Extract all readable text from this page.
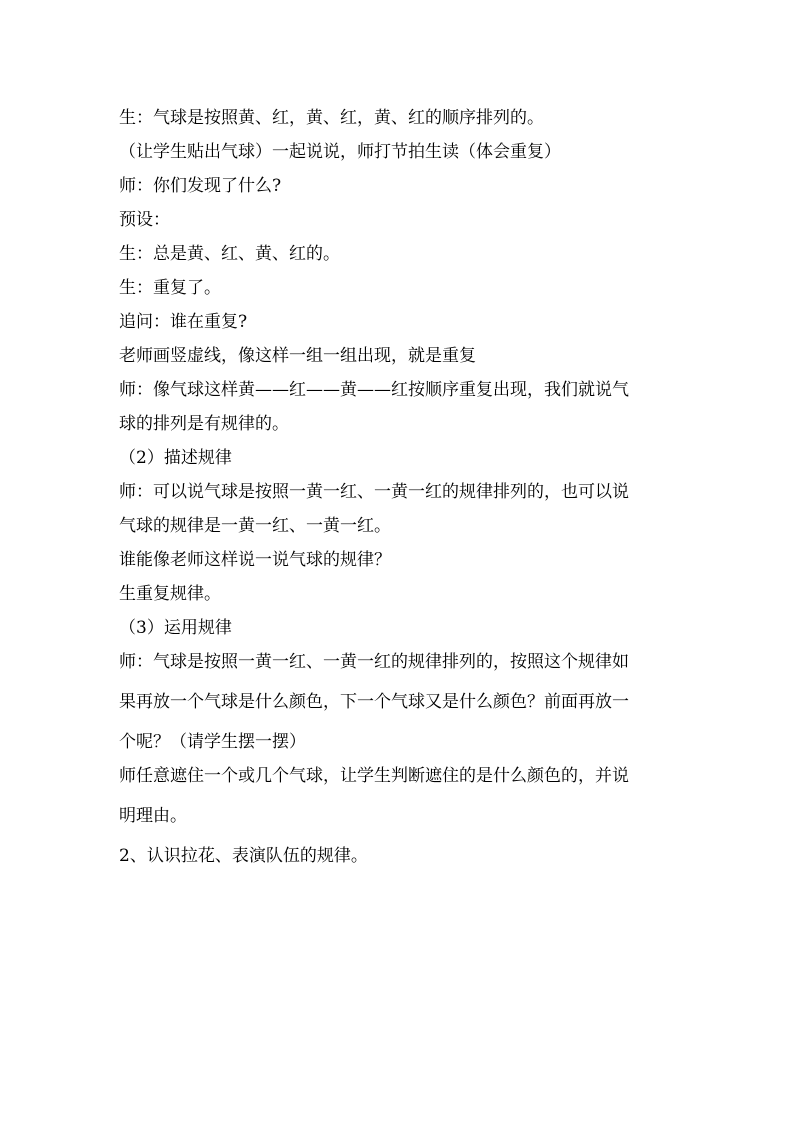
生：气球是按照黄、红，黄、红，黄、红的顺序排列的。
（让学生贴出气球）一起说说，师打节拍生读（体会重复）
师：你们发现了什么?
预设：
生：总是黄、红、黄、红的。
生：重复了。
追问：谁在重复?
老师画竖虚线，像这样一组一组出现，就是重复
师：像气球这样黄——红——黄——红按顺序重复出现，我们就说气
球的排列是有规律的。
（2）描述规律
师：可以说气球是按照一黄一红、一黄一红的规律排列的，也可以说
气球的规律是一黄一红、一黄一红。
谁能像老师这样说一说气球的规律？
生重复规律。
（3）运用规律
师：气球是按照一黄一红、一黄一红的规律排列的，按照这个规律如
果再放一个气球是什么颜色，下一个气球又是什么颜色？前面再放一
个呢？（请学生摆一摆）
师任意遮住一个或几个气球，让学生判断遮住的是什么颜色的，并说
明理由。
2、认识拉花、表演队伍的规律。
